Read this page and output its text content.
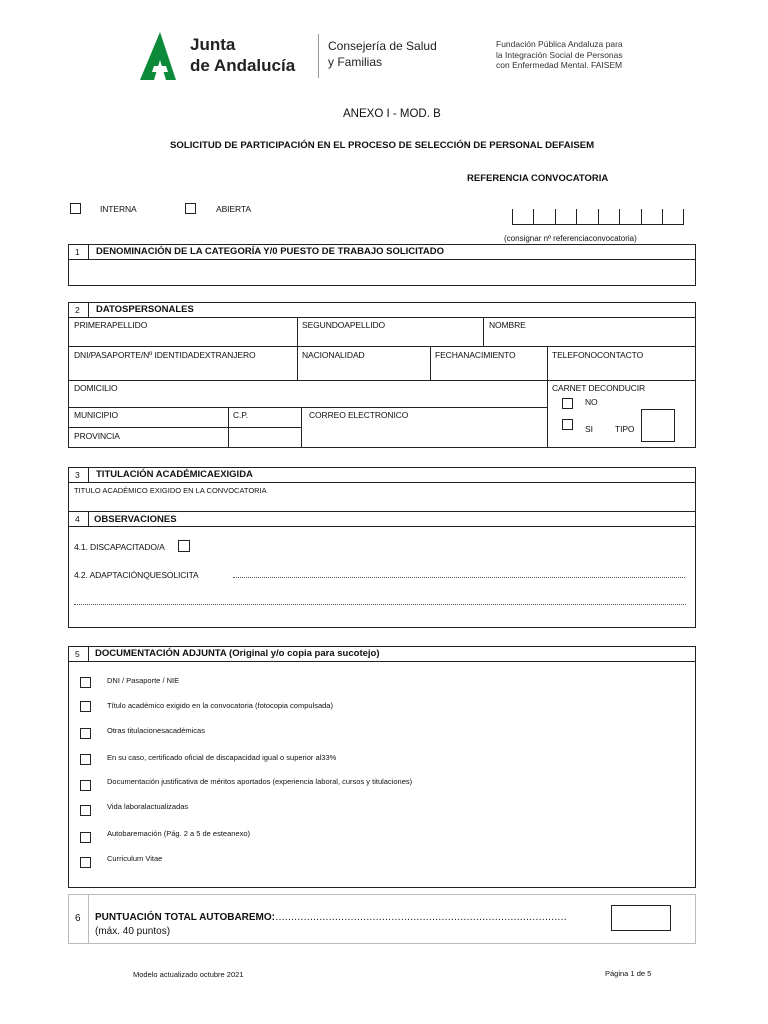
Junta
de Andalucía
Consejería de Salud
y Familias
Fundación Pública Andaluza para
la Integración Social de Personas
con Enfermedad Mental. FAISEM
ANEXO I - MOD. B
SOLICITUD DE PARTICIPACIÓN EN EL PROCESO DE SELECCIÓN DE PERSONAL DEFAISEM
REFERENCIA CONVOCATORIA
INTERNA	ABIERTA
(consignar nº referenciaconvocatoria)
1 DENOMINACIÓN DE LA CATEGORÍA Y/0 PUESTO DE TRABAJO SOLICITADO
2 DATOSPERSONALES
PRIMERAPELLIDO	SEGUNDOAPELLIDO	NOMBRE
DNI/PASAPORTE/Nº IDENTIDADEXTRANJERO	NACIONALIDAD	FECHANACIMIENTO	TELEFONOCONTACTO
DOMICILIO	CARNET DECONDUCIR
NO
SI	TIPO
MUNICIPIO	C.P.	CORREO ELECTRONICO
PROVINCIA
3 TITULACIÓN ACADÉMICAEXIGIDA
TITULO ACADÉMICO EXIGIDO EN LA CONVOCATORIA
4 OBSERVACIONES
4.1. DISCAPACITADO/A
4.2. ADAPTACIÓNQUESOLICITA
5 DOCUMENTACIÓN ADJUNTA (Original y/o copia para sucotejo)
DNI / Pasaporte / NIE
Título académico exigido en la convocatoria (fotocopia compulsada)
Otras titulacionesacadémicas
En su caso, certificado oficial de discapacidad igual o superior al33%
Documentación justificativa de méritos aportados (experiencia laboral, cursos y titulaciones)
Vida laboralactualizadas
Autobaremación (Pág. 2 a 5 de esteanexo)
Curriculum Vitae
6 PUNTUACIÓN TOTAL AUTOBAREMO:…………………………………………………………………………………
(máx. 40 puntos)
Modelo actualizado octubre 2021	Página 1 de 5
